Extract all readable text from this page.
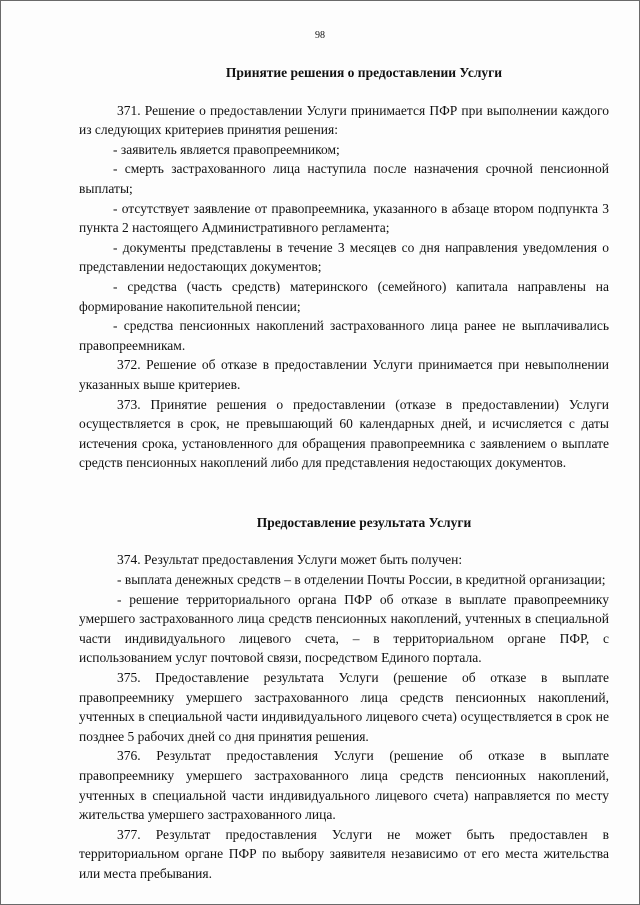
98
Принятие решения о предоставлении Услуги

371. Решение о предоставлении Услуги принимается ПФР при выполнении каждого из следующих критериев принятия решения:

- заявитель является правопреемником;

- смерть застрахованного лица наступила после назначения срочной пенсионной выплаты;

- отсутствует заявление от правопреемника, указанного в абзаце втором подпункта 3 пункта 2 настоящего Административного регламента;

- документы представлены в течение 3 месяцев со дня направления уведомления о представлении недостающих документов;

- средства (часть средств) материнского (семейного) капитала направлены на формирование накопительной пенсии;

- средства пенсионных накоплений застрахованного лица ранее не выплачивались правопреемникам.

372. Решение об отказе в предоставлении Услуги принимается при невыполнении указанных выше критериев.

373. Принятие решения о предоставлении (отказе в предоставлении) Услуги осуществляется в срок, не превышающий 60 календарных дней, и исчисляется с даты истечения срока, установленного для обращения правопреемника с заявлением о выплате средств пенсионных накоплений либо для представления недостающих документов.

Предоставление результата Услуги

374. Результат предоставления Услуги может быть получен:

- выплата денежных средств – в отделении Почты России, в кредитной организации;

- решение территориального органа ПФР об отказе в выплате правопреемнику умершего застрахованного лица средств пенсионных накоплений, учтенных в специальной части индивидуального лицевого счета, – в территориальном органе ПФР, с использованием услуг почтовой связи, посредством Единого портала.

375. Предоставление результата Услуги (решение об отказе в выплате правопреемнику умершего застрахованного лица средств пенсионных накоплений, учтенных в специальной части индивидуального лицевого счета) осуществляется в срок не позднее 5 рабочих дней со дня принятия решения.

376. Результат предоставления Услуги (решение об отказе в выплате правопреемнику умершего застрахованного лица средств пенсионных накоплений, учтенных в специальной части индивидуального лицевого счета) направляется по месту жительства умершего застрахованного лица.

377. Результат предоставления Услуги не может быть предоставлен в территориальном органе ПФР по выбору заявителя независимо от его места жительства или места пребывания.
